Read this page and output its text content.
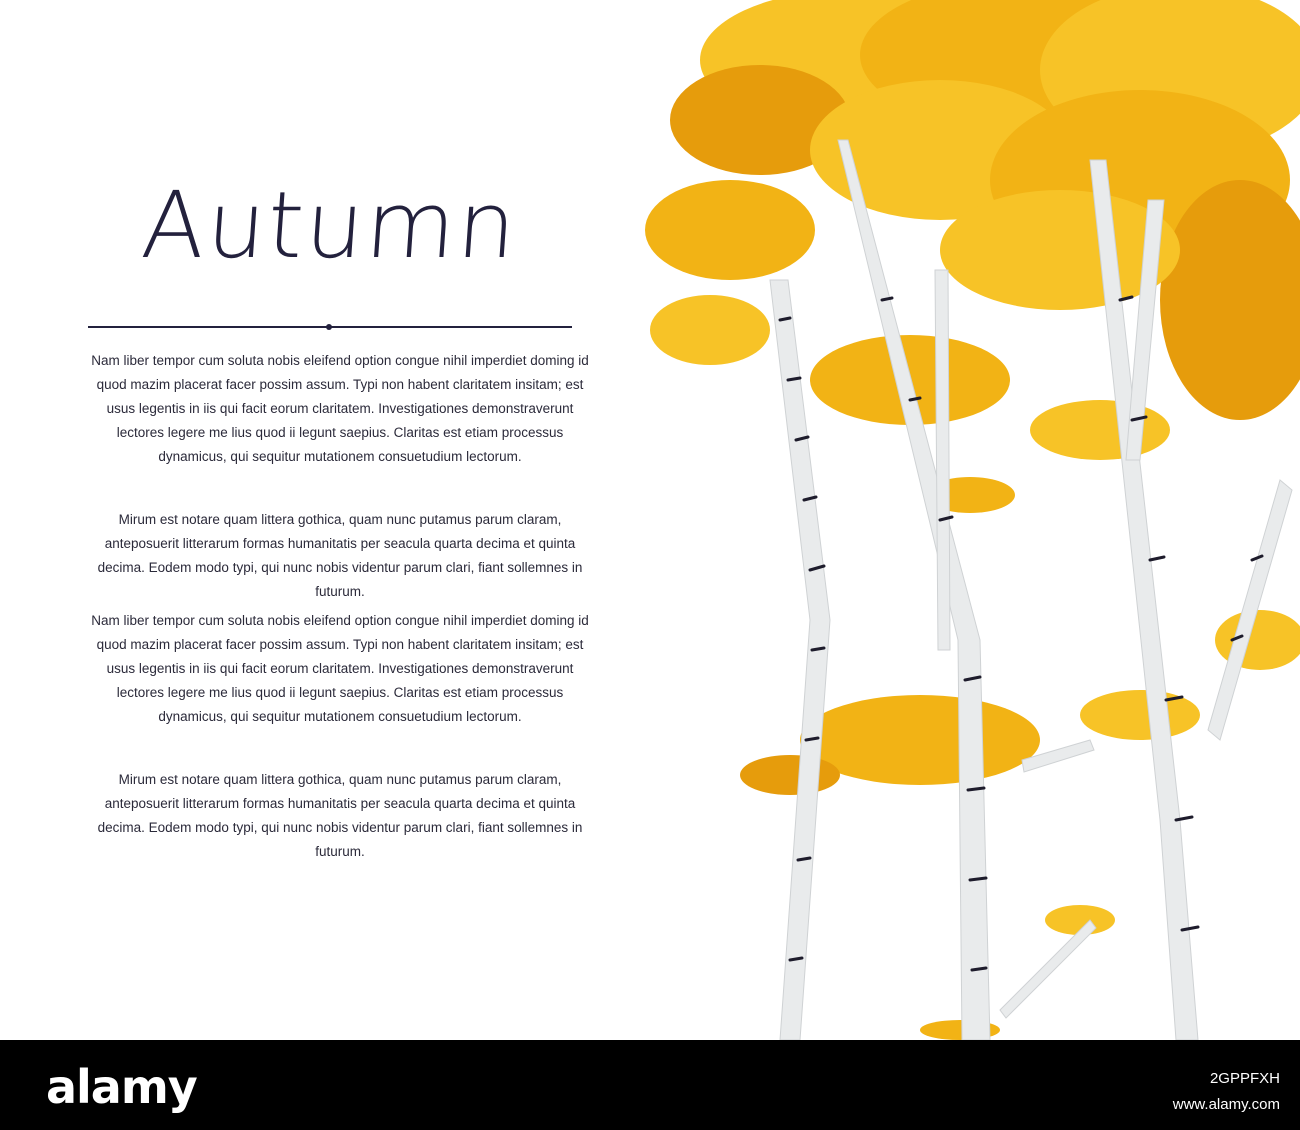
Autumn

Nam liber tempor cum soluta nobis eleifend option congue nihil imperdiet doming id quod mazim placerat facer possim assum. Typi non habent claritatem insitam; est usus legentis in iis qui facit eorum claritatem. Investigationes demonstraverunt lectores legere me lius quod ii legunt saepius. Claritas est etiam processus dynamicus, qui sequitur mutationem consuetudium lectorum.

Mirum est notare quam littera gothica, quam nunc putamus parum claram, anteposuerit litterarum formas humanitatis per seacula quarta decima et quinta decima. Eodem modo typi, qui nunc nobis videntur parum clari, fiant sollemnes in futurum.

Nam liber tempor cum soluta nobis eleifend option congue nihil imperdiet doming id quod mazim placerat facer possim assum. Typi non habent claritatem insitam; est usus legentis in iis qui facit eorum claritatem. Investigationes demonstraverunt lectores legere me lius quod ii legunt saepius. Claritas est etiam processus dynamicus, qui sequitur mutationem consuetudium lectorum.

Mirum est notare quam littera gothica, quam nunc putamus parum claram, anteposuerit litterarum formas humanitatis per seacula quarta decima et quinta decima. Eodem modo typi, qui nunc nobis videntur parum clari, fiant sollemnes in futurum.

alamy	2GPPFXH
www.alamy.com
